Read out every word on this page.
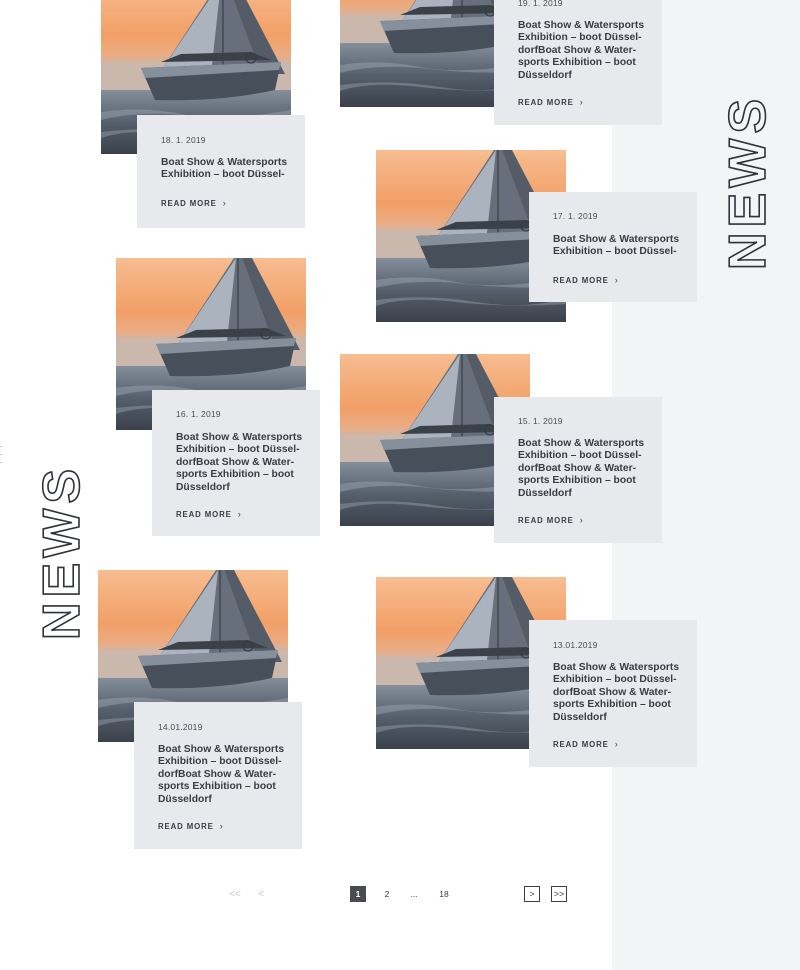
NEWS
NEWS
19. 1. 2019
Boat Show & Watersports Exhibition – boot Düssel-dorfBoat Show & Water-sports Exhibition – boot Düsseldorf
READ MORE ›
18. 1. 2019
Boat Show & Watersports Exhibition – boot Düssel-
READ MORE ›
17. 1. 2019
Boat Show & Watersports Exhibition – boot Düssel-
READ MORE ›
16. 1. 2019
Boat Show & Watersports Exhibition – boot Düssel-dorfBoat Show & Water-sports Exhibition – boot Düsseldorf
READ MORE ›
15. 1. 2019
Boat Show & Watersports Exhibition – boot Düssel-dorfBoat Show & Water-sports Exhibition – boot Düsseldorf
READ MORE ›
14.01.2019
Boat Show & Watersports Exhibition – boot Düssel-dorfBoat Show & Water-sports Exhibition – boot Düsseldorf
READ MORE ›
13.01.2019
Boat Show & Watersports Exhibition – boot Düssel-dorfBoat Show & Water-sports Exhibition – boot Düsseldorf
READ MORE ›
<< <	1	2	...	18	>	>>
